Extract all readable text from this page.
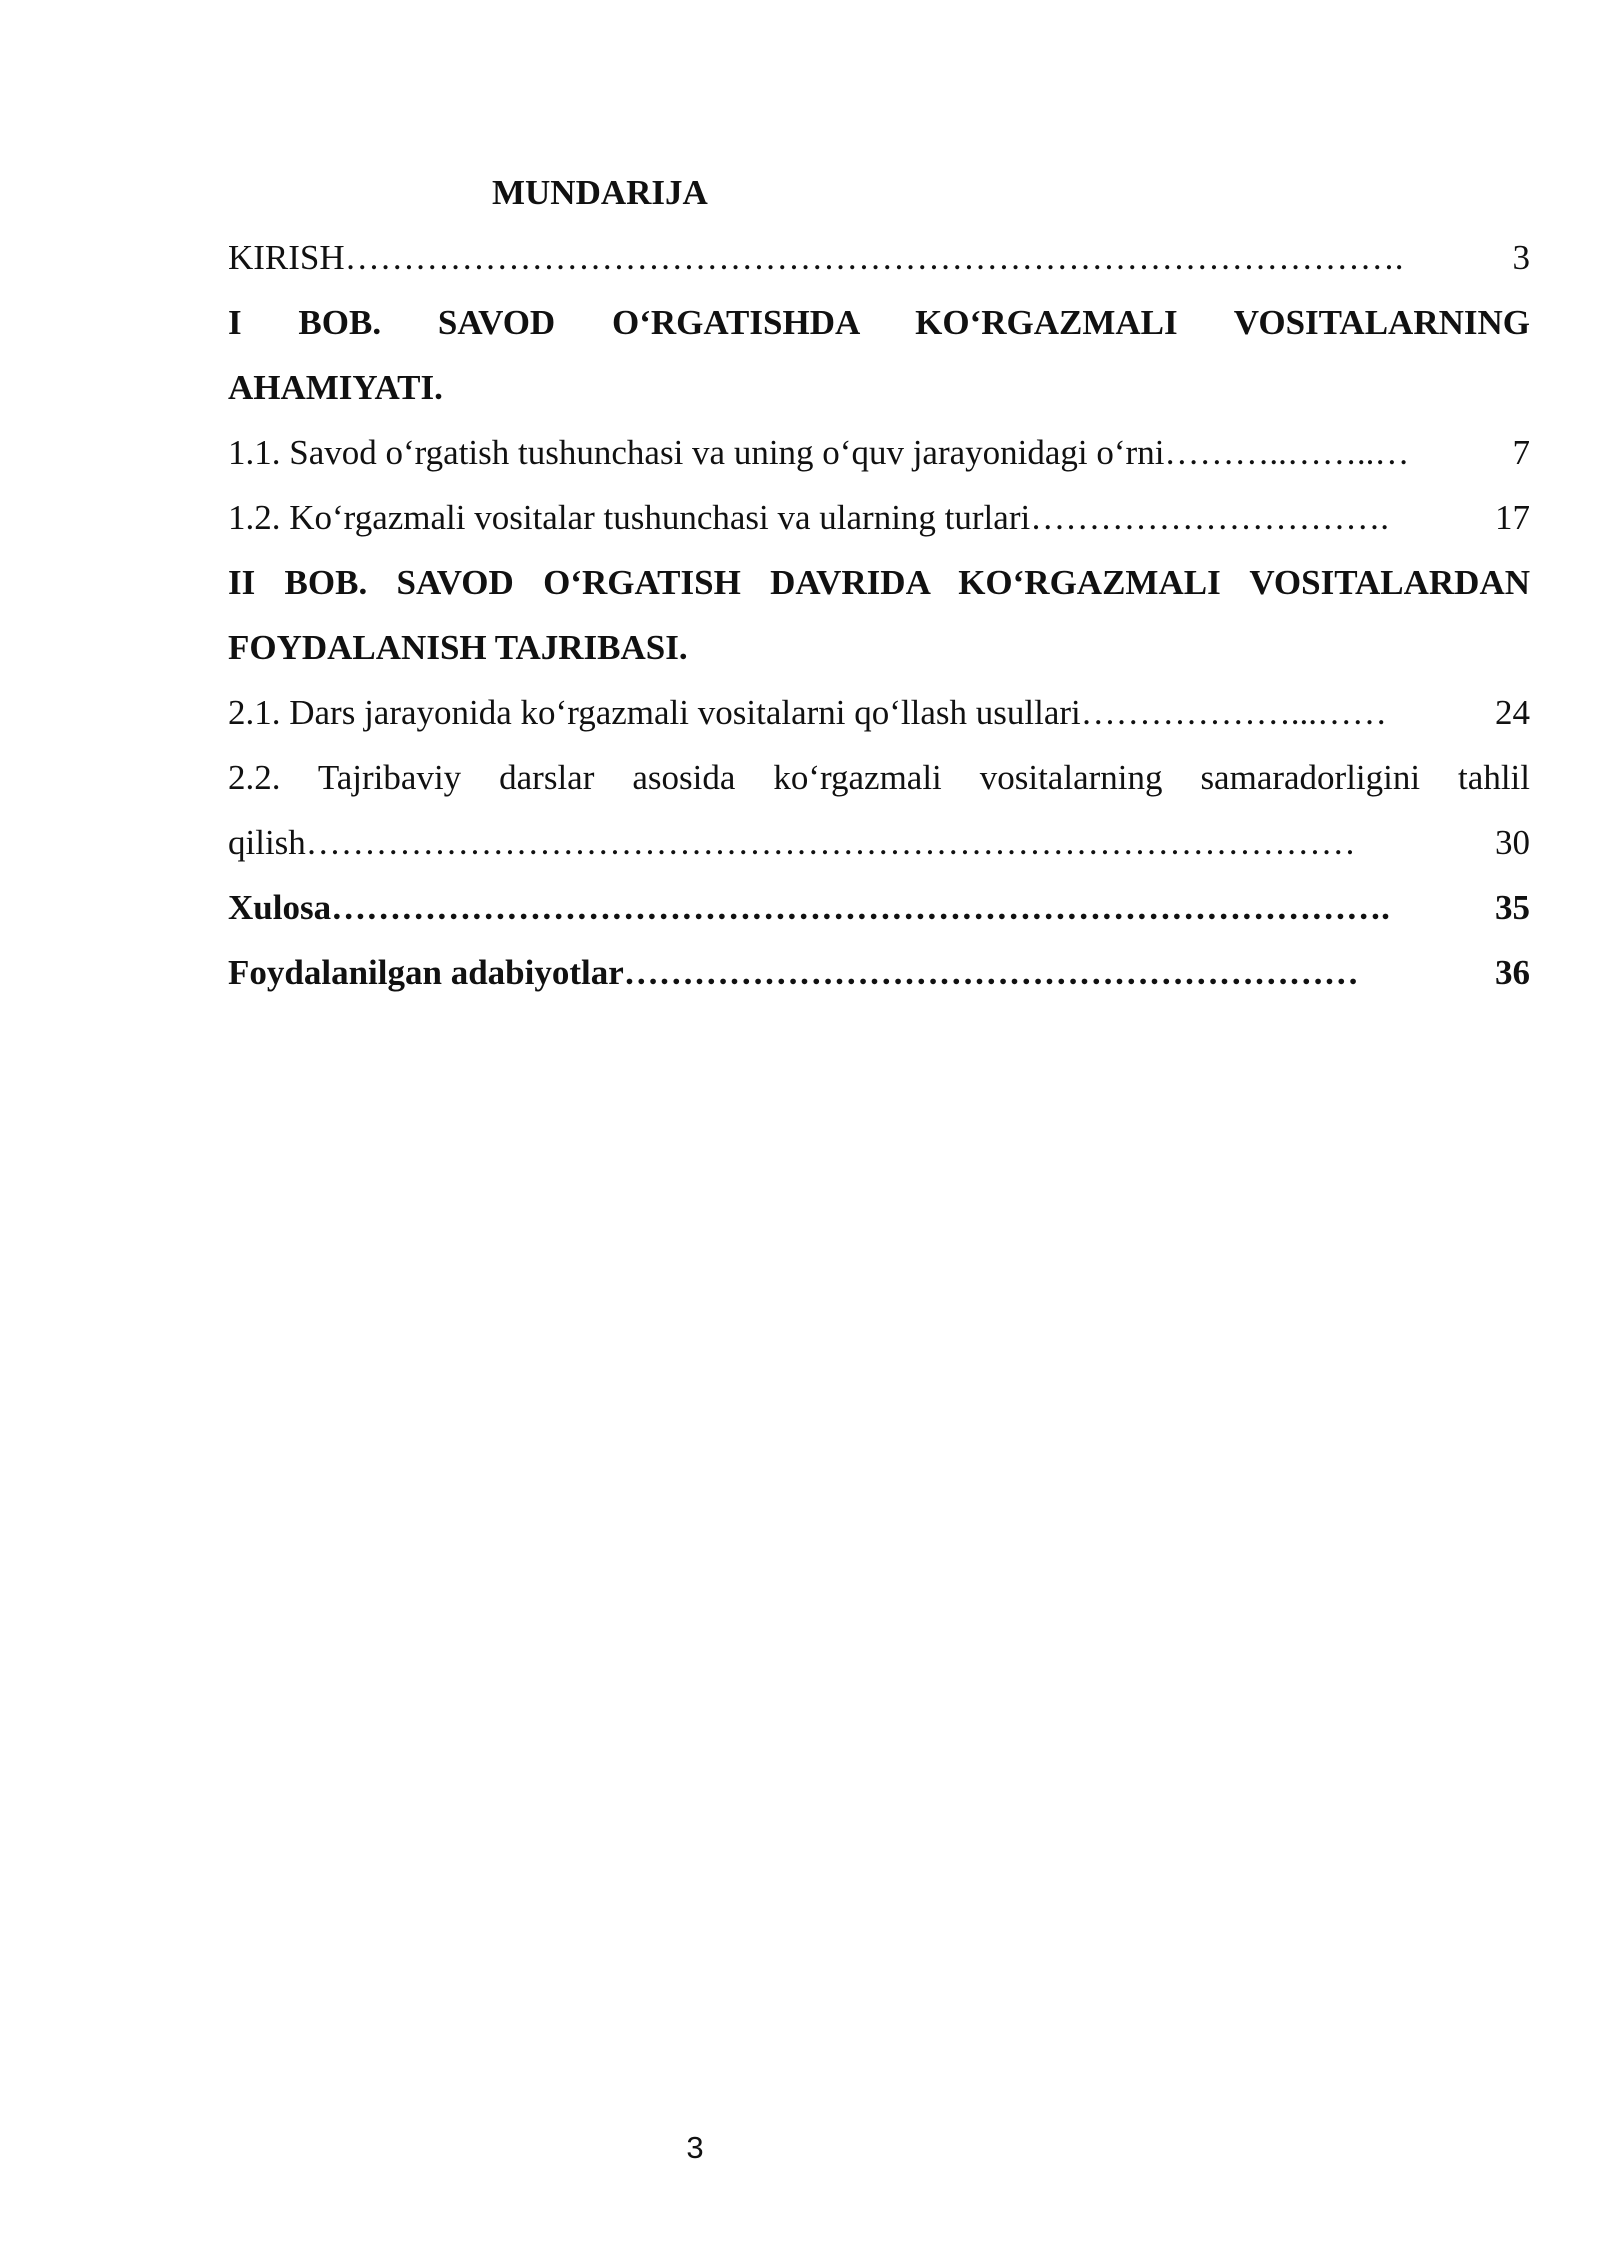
MUNDARIJA
KIRISH ……………………………………………………………………………….	3
I BOB. SAVOD O‘RGATISHDA KO‘RGAZMALI VOSITALARNING
AHAMIYATI.
1.1. Savod o‘rgatish tushunchasi va uning o‘quv jarayonidagi o‘rni ………..……..…	7
1.2. Ko‘rgazmali vositalar tushunchasi va ularning turlari ………………………….	17
II BOB. SAVOD O‘RGATISH DAVRIDA KO‘RGAZMALI VOSITALARDAN
FOYDALANISH TAJRIBASI.
2.1. Dars jarayonida ko‘rgazmali vositalarni qo‘llash usullari ………………...……	24
2.2. Tajribaviy darslar asosida ko‘rgazmali vositalarning samaradorligini tahlil
qilish ………………………………………………………………………………	30
Xulosa ……………………………………………………………………………….	35
Foydalanilgan adabiyotlar ………………………………………………………	36
3
